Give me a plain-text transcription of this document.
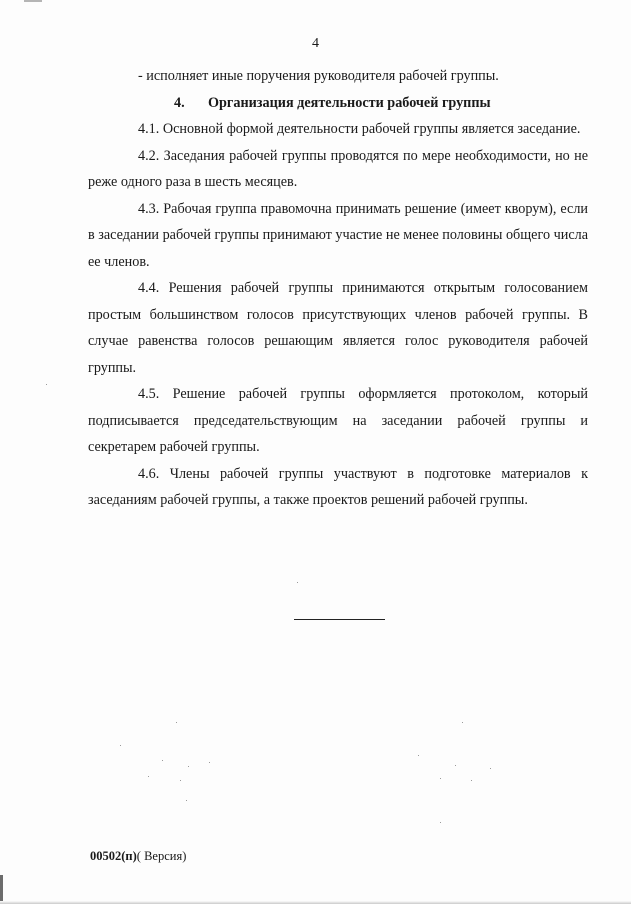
4

- исполняет иные поручения руководителя рабочей группы.

4. Организация деятельности рабочей группы

4.1. Основной формой деятельности рабочей группы является заседание.

4.2. Заседания рабочей группы проводятся по мере необходимости, но не реже одного раза в шесть месяцев.

4.3. Рабочая группа правомочна принимать решение (имеет кворум), если в заседании рабочей группы принимают участие не менее половины общего числа ее членов.

4.4. Решения рабочей группы принимаются открытым голосованием простым большинством голосов присутствующих членов рабочей группы. В случае равенства голосов решающим является голос руководителя рабочей группы.

4.5. Решение рабочей группы оформляется протоколом, который подписывается председательствующим на заседании рабочей группы и секретарем рабочей группы.

4.6. Члены рабочей группы участвуют в подготовке материалов к заседаниям рабочей группы, а также проектов решений рабочей группы.

00502(п)( Версия)
